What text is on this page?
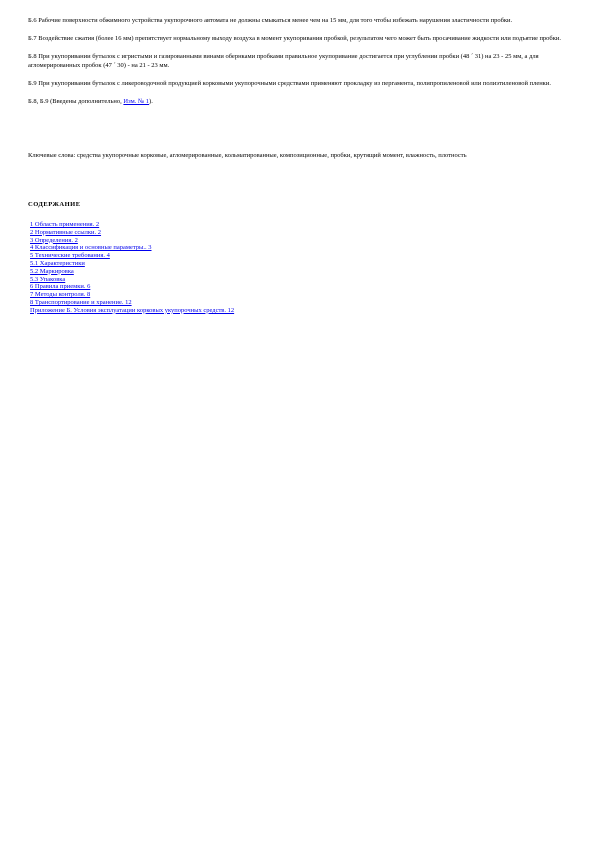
Б.6 Рабочие поверхности обжимного устройства укупорочного автомата не должны смыкаться менее чем на 15 мм, для того чтобы избежать нарушения эластичности пробки.

Б.7 Воздействие сжатия (более 16 мм) препятствует нормальному выходу воздуха в момент укупоривания пробкой, результатом чего может быть просачивание жидкости или подъятие пробки.

Б.8 При укупоривании бутылок с игристыми и газированными винами обернками пробками правильное укупоривание достигается при углублении пробки (48 ´ 31) на 23 - 25 мм, а для агломерированных пробок (47 ´ 30) - на 21 - 23 мм.

Б.9 При укупоривании бутылок с ликероводочной продукцией корковыми укупорочными средствами применяют прокладку из пергамента, полипропиленовой или полиэтиленовой пленки.

Б.8, Б.9 (Введены дополнительно, Изм. № 1).

Ключевые слова: средства укупорочные корковые, агломерированные, кольматированные, композиционные, пробки, крутящий момент, влажность, плотность

СОДЕРЖАНИЕ

1 Область применения. 2
2 Нормативные ссылки. 2
3 Определения. 2
4 Классификация и основные параметры.. 3
5 Технические требования. 4
5.1 Характеристики
5.2 Маркировка
5.3 Упаковка
6 Правила приемки. 6
7 Методы контроля. 8
8 Транспортирование и хранение. 12
Приложение Б. Условия эксплуатации корковых укупорочных средств. 12
